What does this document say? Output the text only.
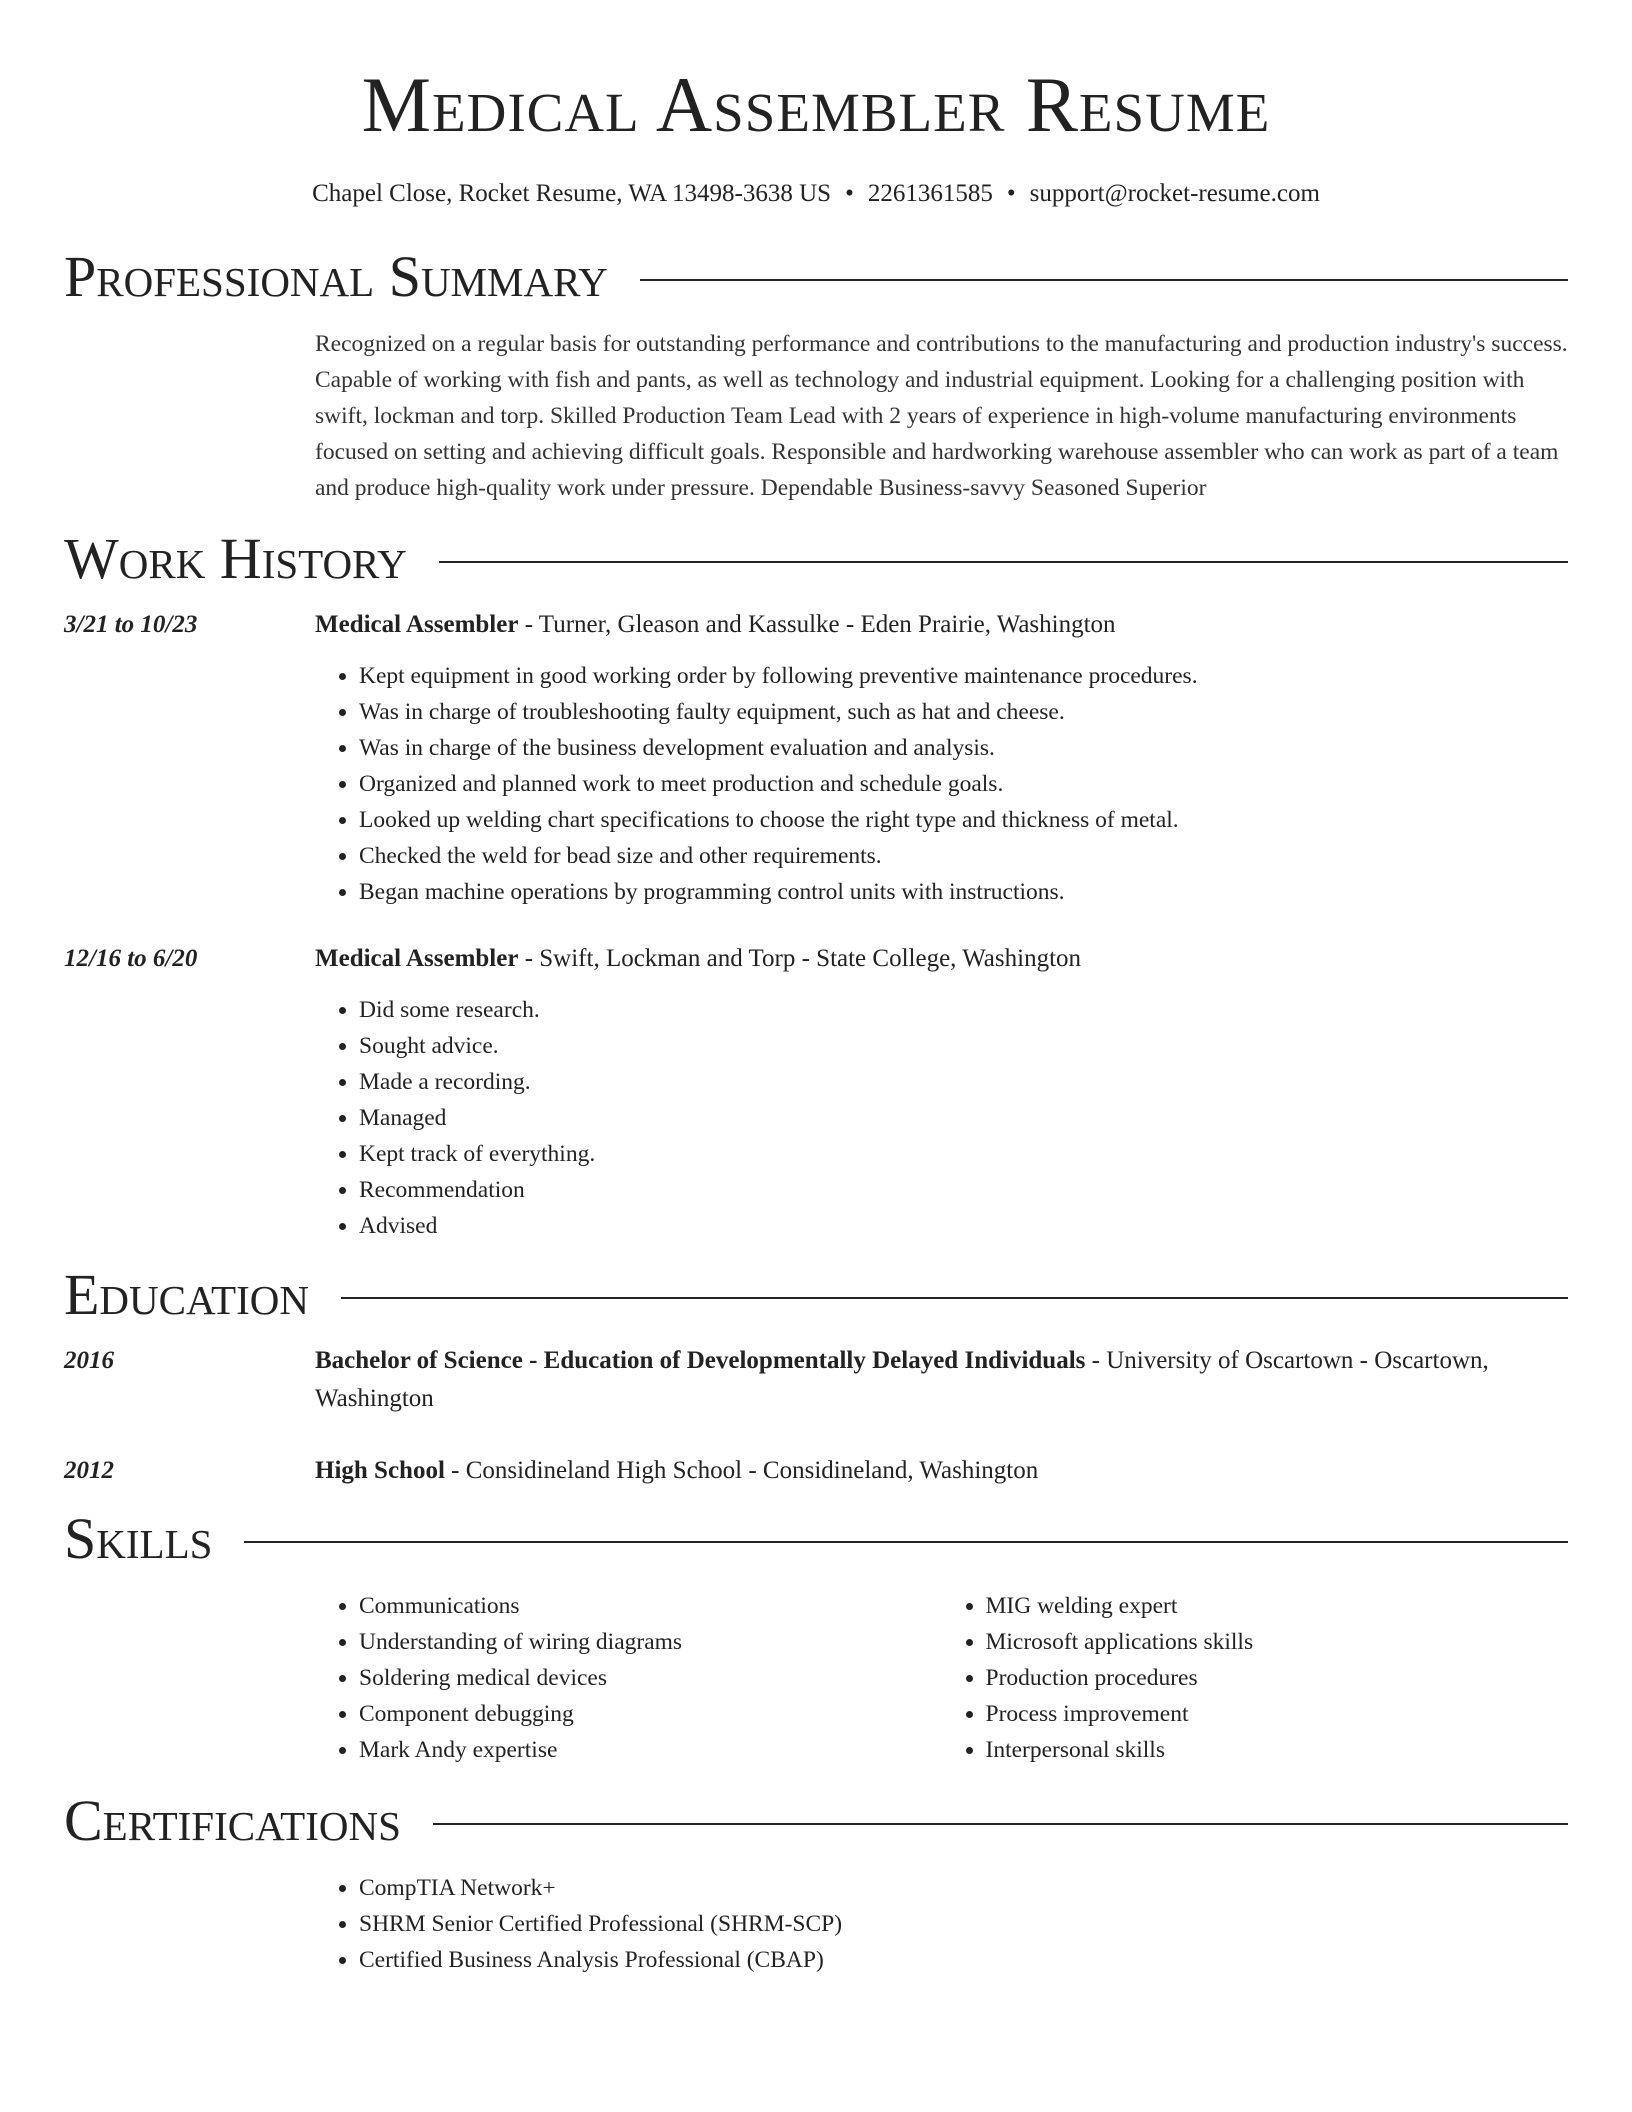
Medical Assembler Resume
Chapel Close, Rocket Resume, WA 13498-3638 US • 2261361585 • support@rocket-resume.com
Professional Summary
Recognized on a regular basis for outstanding performance and contributions to the manufacturing and production industry's success. Capable of working with fish and pants, as well as technology and industrial equipment. Looking for a challenging position with swift, lockman and torp. Skilled Production Team Lead with 2 years of experience in high-volume manufacturing environments focused on setting and achieving difficult goals. Responsible and hardworking warehouse assembler who can work as part of a team and produce high-quality work under pressure. Dependable Business-savvy Seasoned Superior
Work History
3/21 to 10/23	Medical Assembler - Turner, Gleason and Kassulke - Eden Prairie, Washington
• Kept equipment in good working order by following preventive maintenance procedures.
• Was in charge of troubleshooting faulty equipment, such as hat and cheese.
• Was in charge of the business development evaluation and analysis.
• Organized and planned work to meet production and schedule goals.
• Looked up welding chart specifications to choose the right type and thickness of metal.
• Checked the weld for bead size and other requirements.
• Began machine operations by programming control units with instructions.
12/16 to 6/20	Medical Assembler - Swift, Lockman and Torp - State College, Washington
• Did some research.
• Sought advice.
• Made a recording.
• Managed
• Kept track of everything.
• Recommendation
• Advised
Education
2016	Bachelor of Science - Education of Developmentally Delayed Individuals - University of Oscartown - Oscartown, Washington
2012	High School - Considineland High School - Considineland, Washington
Skills
• Communications
• Understanding of wiring diagrams
• Soldering medical devices
• Component debugging
• Mark Andy expertise
• MIG welding expert
• Microsoft applications skills
• Production procedures
• Process improvement
• Interpersonal skills
Certifications
• CompTIA Network+
• SHRM Senior Certified Professional (SHRM-SCP)
• Certified Business Analysis Professional (CBAP)
